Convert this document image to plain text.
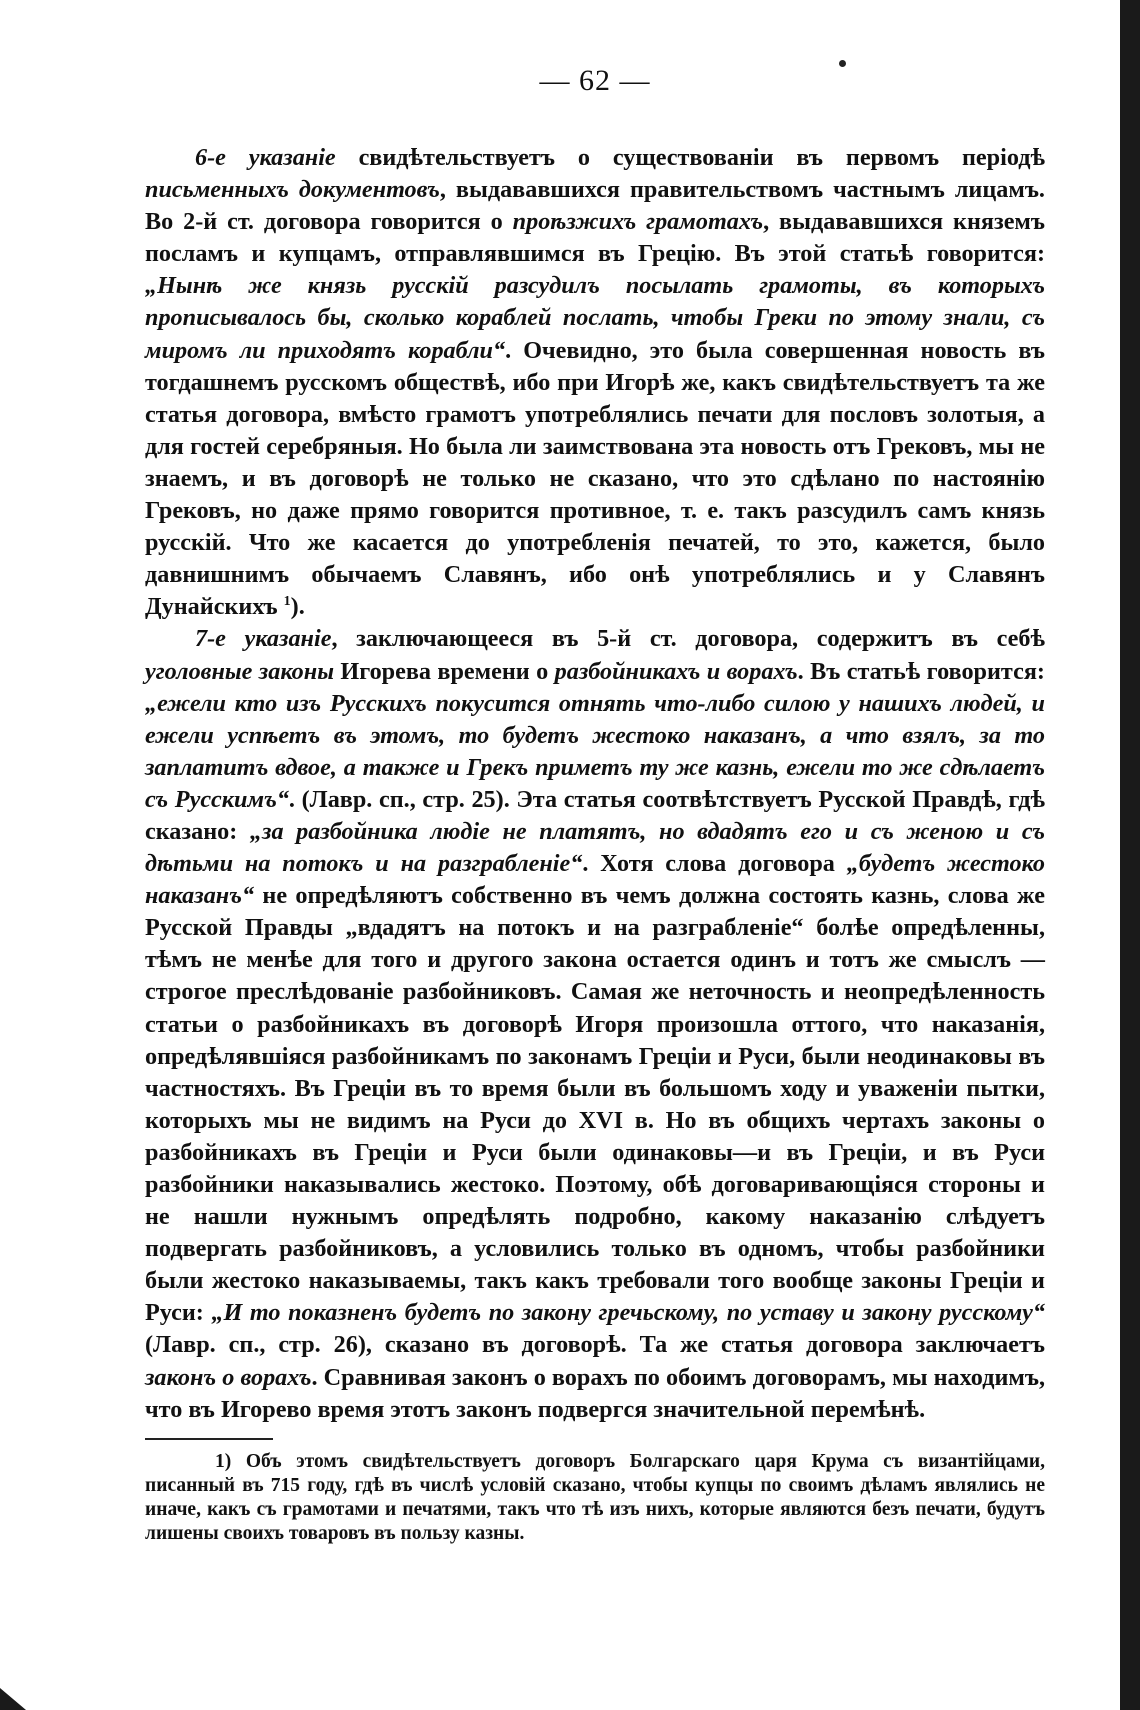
— 62 —

6-е указанiе свидѣтельствуетъ о существованiи въ первомъ перiодѣ письменныхъ документовъ, выдававшихся правительствомъ частнымъ лицамъ. Во 2-й ст. договора говорится о проѣзжихъ грамотахъ, выдававшихся княземъ посламъ и купцамъ, отправлявшимся въ Грецiю. Въ этой статьѣ говорится: „Нынѣ же князь русскiй разсудилъ посылать грамоты, въ которыхъ прописывалось бы, сколько кораблей послать, чтобы Греки по этому знали, съ миромъ ли приходятъ корабли“. Очевидно, это была совершенная новость въ тогдашнемъ русскомъ обществѣ, ибо при Игорѣ же, какъ свидѣтельствуетъ та же статья договора, вмѣсто грамотъ употреблялись печати для пословъ золотыя, а для гостей серебряныя. Но была ли заимствована эта новость отъ Грековъ, мы не знаемъ, и въ договорѣ не только не сказано, что это сдѣлано по настоянiю Грековъ, но даже прямо говорится противное, т. е. такъ разсудилъ самъ князь русскiй. Что же касается до употребленiя печатей, то это, кажется, было давнишнимъ обычаемъ Славянъ, ибо онѣ употреблялись и у Славянъ Дунайскихъ $^1$).

7-е указанiе, заключающееся въ 5-й ст. договора, содержитъ въ себѣ уголовные законы Игорева времени о разбойникахъ и ворахъ. Въ статьѣ говорится: „ежели кто изъ Русскихъ покусится отнять что-либо силою у нашихъ людей, и ежели успѣетъ въ этомъ, то будетъ жестоко наказанъ, а что взялъ, за то заплатитъ вдвое, а также и Грекъ приметъ ту же казнь, ежели то же сдѣлаетъ съ Русскимъ“. (Лавр. сп., стр. 25). Эта статья соотвѣтствуетъ Русской Правдѣ, гдѣ сказано: „за разбойника людiе не платятъ, но вдадятъ его и съ женою и съ дѣтьми на потокъ и на разграбленiе“. Хотя слова договора „будетъ жестоко наказанъ“ не опредѣляютъ собственно въ чемъ должна состоять казнь, слова же Русской Правды „вдадятъ на потокъ и на разграбленiе“ болѣе опредѣленны, тѣмъ не менѣе для того и другого закона остается одинъ и тотъ же смыслъ — строгое преслѣдованiе разбойниковъ. Самая же неточность и неопредѣленность статьи о разбойникахъ въ договорѣ Игоря произошла оттого, что наказанiя, опредѣлявшiяся разбойникамъ по законамъ Грецiи и Руси, были неодинаковы въ частностяхъ. Въ Грецiи въ то время были въ большомъ ходу и уваженiи пытки, которыхъ мы не видимъ на Руси до XVI в. Но въ общихъ чертахъ законы о разбойникахъ въ Грецiи и Руси были одинаковы—и въ Грецiи, и въ Руси разбойники наказывались жестоко. Поэтому, обѣ договаривающiяся стороны и не нашли нужнымъ опредѣлять подробно, какому наказанiю слѣдуетъ подвергать разбойниковъ, а условились только въ одномъ, чтобы разбойники были жестоко наказываемы, такъ какъ требовали того вообще законы Грецiи и Руси: „И то показненъ будетъ по закону гречьскому, по уставу и закону русскому“ (Лавр. сп., стр. 26), сказано въ договорѣ. Та же статья договора заключаетъ законъ о ворахъ. Сравнивая законъ о ворахъ по обоимъ договорамъ, мы находимъ, что въ Игорево время этотъ законъ подвергся значительной перемѣнѣ.

1) Объ этомъ свидѣтельствуетъ договоръ Болгарскаго царя Крума съ византiйцами, писанный въ 715 году, гдѣ въ числѣ условiй сказано, чтобы купцы по своимъ дѣламъ являлись не иначе, какъ съ грамотами и печатями, такъ что тѣ изъ нихъ, которые являются безъ печати, будутъ лишены своихъ товаровъ въ пользу казны.
